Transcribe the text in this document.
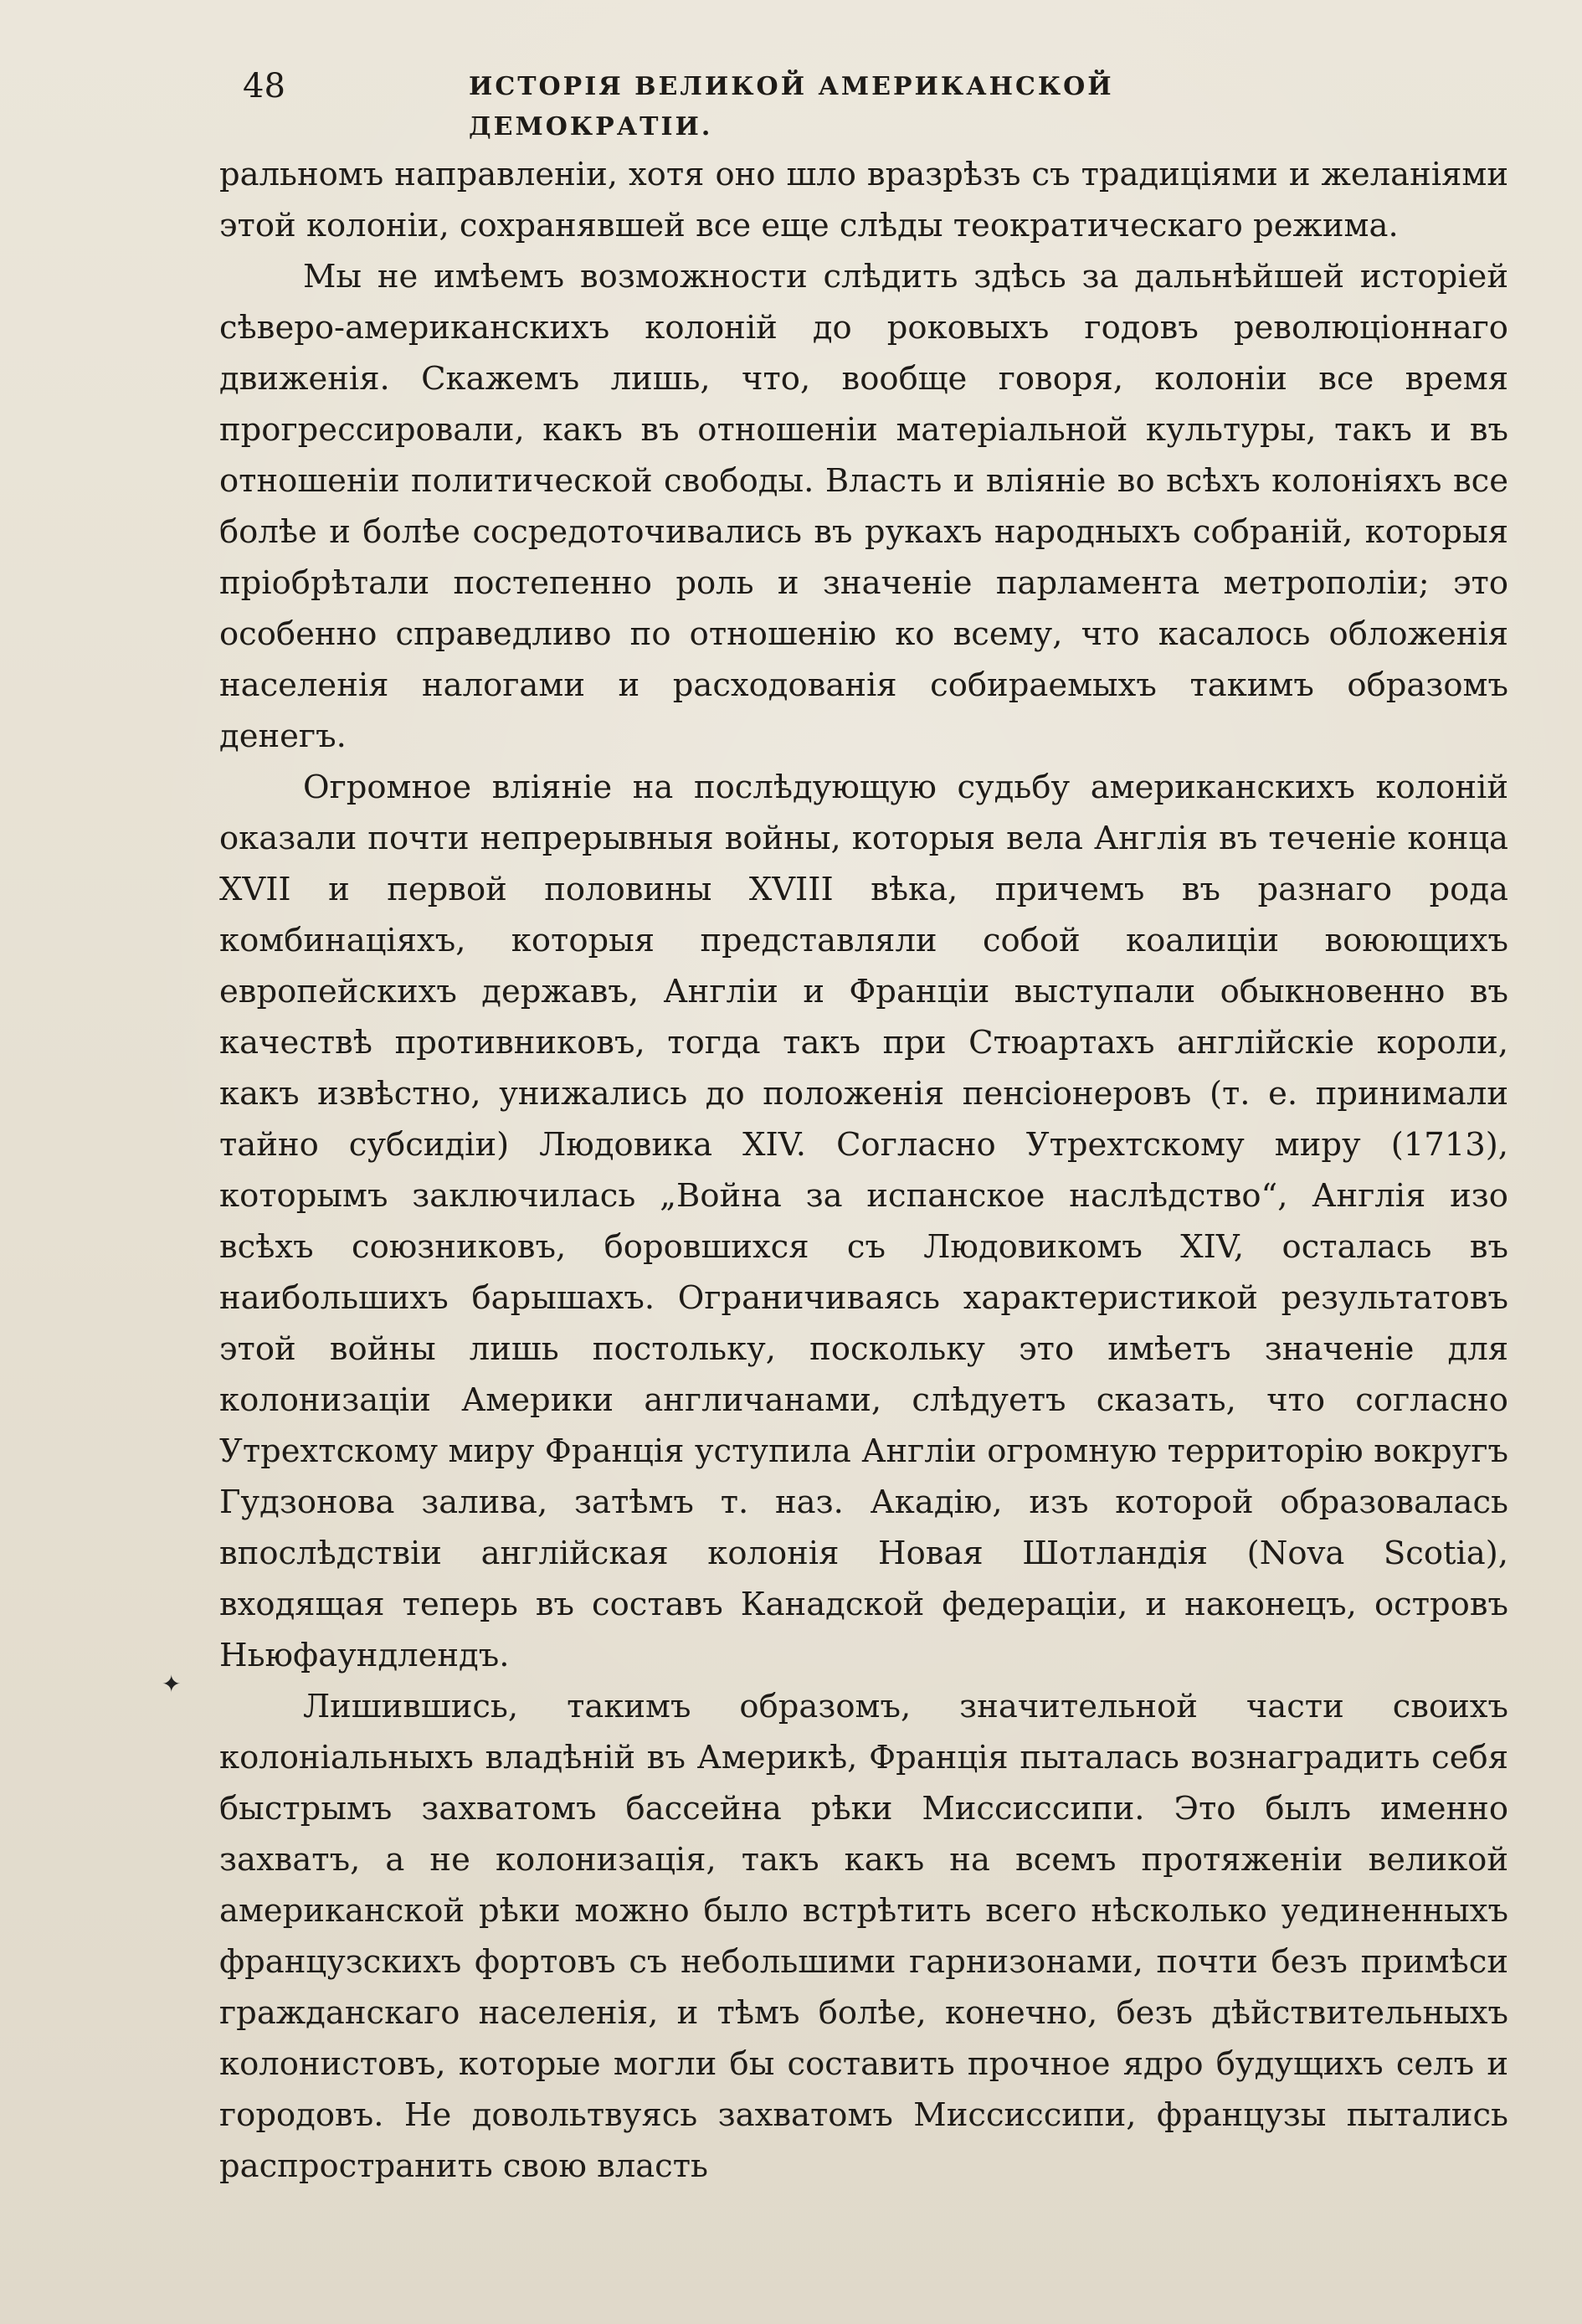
48	ИСТОРІЯ ВЕЛИКОЙ АМЕРИКАНСКОЙ ДЕМОКРАТІИ.

ральномъ направленіи, хотя оно шло вразрѣзъ съ традиціями и желаніями этой колоніи, сохранявшей все еще слѣды теократическаго режима.

Мы не имѣемъ возможности слѣдить здѣсь за дальнѣйшей исторіей сѣверо-американскихъ колоній до роковыхъ годовъ революціоннаго движенія. Скажемъ лишь, что, вообще говоря, колоніи все время прогрессировали, какъ въ отношеніи матеріальной культуры, такъ и въ отношеніи политической свободы. Власть и вліяніе во всѣхъ колоніяхъ все болѣе и болѣе сосредоточивались въ рукахъ народныхъ собраній, которыя пріобрѣтали постепенно роль и значеніе парламента метрополіи; это особенно справедливо по отношенію ко всему, что касалось обложенія населенія налогами и расходованія собираемыхъ такимъ образомъ денегъ.

Огромное вліяніе на послѣдующую судьбу американскихъ колоній оказали почти непрерывныя войны, которыя вела Англія въ теченіе конца XVII и первой половины XVIII вѣка, причемъ въ разнаго рода комбинаціяхъ, которыя представляли собой коалиціи воюющихъ европейскихъ державъ, Англіи и Франціи выступали обыкновенно въ качествѣ противниковъ, тогда такъ при Стюартахъ англійскіе короли, какъ извѣстно, унижались до положенія пенсіонеровъ (т. е. принимали тайно субсидіи) Людовика XIV. Согласно Утрехтскому миру (1713), которымъ заключилась „Война за испанское наслѣдство“, Англія изо всѣхъ союзниковъ, боровшихся съ Людовикомъ XIV, осталась въ наибольшихъ барышахъ. Ограничиваясь характеристикой результатовъ этой войны лишь постольку, поскольку это имѣетъ значеніе для колонизаціи Америки англичанами, слѣдуетъ сказать, что согласно Утрехтскому миру Франція уступила Англіи огромную территорію вокругъ Гудзонова залива, затѣмъ т. наз. Акадію, изъ которой образовалась впослѣдствіи англійская колонія Новая Шотландія (Nova Scotia), входящая теперь въ составъ Канадской федераціи, и наконецъ, островъ Ньюфаундлендъ.

Лишившись, такимъ образомъ, значительной части своихъ колоніальныхъ владѣній въ Америкѣ, Франція пыталась вознаградить себя быстрымъ захватомъ бассейна рѣки Миссиссипи. Это былъ именно захватъ, а не колонизація, такъ какъ на всемъ протяженіи великой американской рѣки можно было встрѣтить всего нѣсколько уединенныхъ французскихъ фортовъ съ небольшими гарнизонами, почти безъ примѣси гражданскаго населенія, и тѣмъ болѣе, конечно, безъ дѣйствительныхъ колонистовъ, которые могли бы составить прочное ядро будущихъ селъ и городовъ. Не довольтвуясь захватомъ Миссиссипи, французы пытались распространить свою власть

✦
